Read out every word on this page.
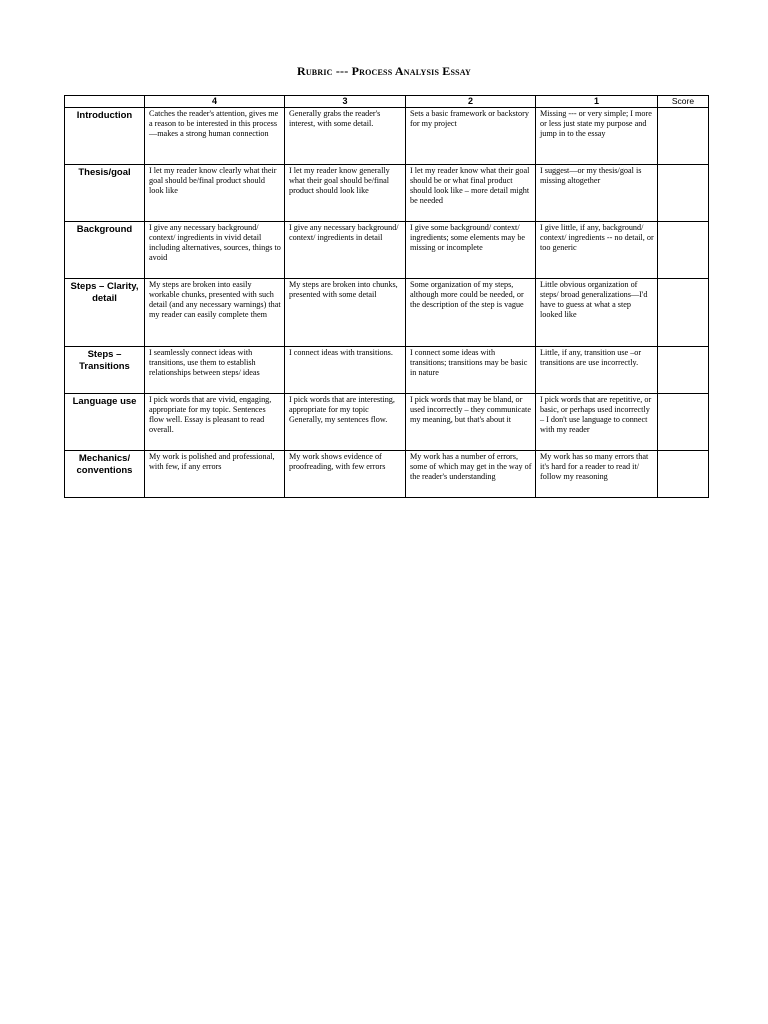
Rubric --- Process Analysis Essay
	4	3	2	1	Score
Introduction	Catches the reader's attention, gives me a reason to be interested in this process—makes a strong human connection	Generally grabs the reader's interest, with some detail.	Sets a basic framework or backstory for my project	Missing --- or very simple; I more or less just state my purpose and jump in to the essay	
Thesis/goal	I let my reader know clearly what their goal should be/final product should look like	I let my reader know generally what their goal should be/final product should look like	I let my reader know what their goal should be or what final product should look like – more detail might be needed	I suggest—or my thesis/goal is missing altogether	
Background	I give any necessary background/ context/ ingredients in vivid detail including alternatives, sources, things to avoid	I give any necessary background/ context/ ingredients in detail	I give some background/ context/ ingredients; some elements may be missing or incomplete	I give little, if any, background/ context/ ingredients -- no detail, or too generic	
Steps – Clarity, detail	My steps are broken into easily workable chunks, presented with such detail (and any necessary warnings) that my reader can easily complete them	My steps are broken into chunks, presented with some detail	Some organization of my steps, although more could be needed, or the description of the step is vague	Little obvious organization of steps/ broad generalizations—I'd have to guess at what a step looked like	
Steps – Transitions	I seamlessly connect ideas with transitions, use them to establish relationships between steps/ ideas	I connect ideas with transitions.	I connect some ideas with transitions; transitions may be basic in nature	Little, if any, transition use –or transitions are use incorrectly.	
Language use	I pick words that are vivid, engaging, appropriate for my topic. Sentences flow well. Essay is pleasant to read overall.	I pick words that are interesting, appropriate for my topic Generally, my sentences flow.	I pick words that may be bland, or used incorrectly – they communicate my meaning, but that's about it	I pick words that are repetitive, or basic, or perhaps used incorrectly – I don't use language to connect with my reader	
Mechanics/ conventions	My work is polished and professional, with few, if any errors	My work shows evidence of proofreading, with few errors	My work has a number of errors, some of which may get in the way of the reader's understanding	My work has so many errors that it's hard for a reader to read it/ follow my reasoning	
